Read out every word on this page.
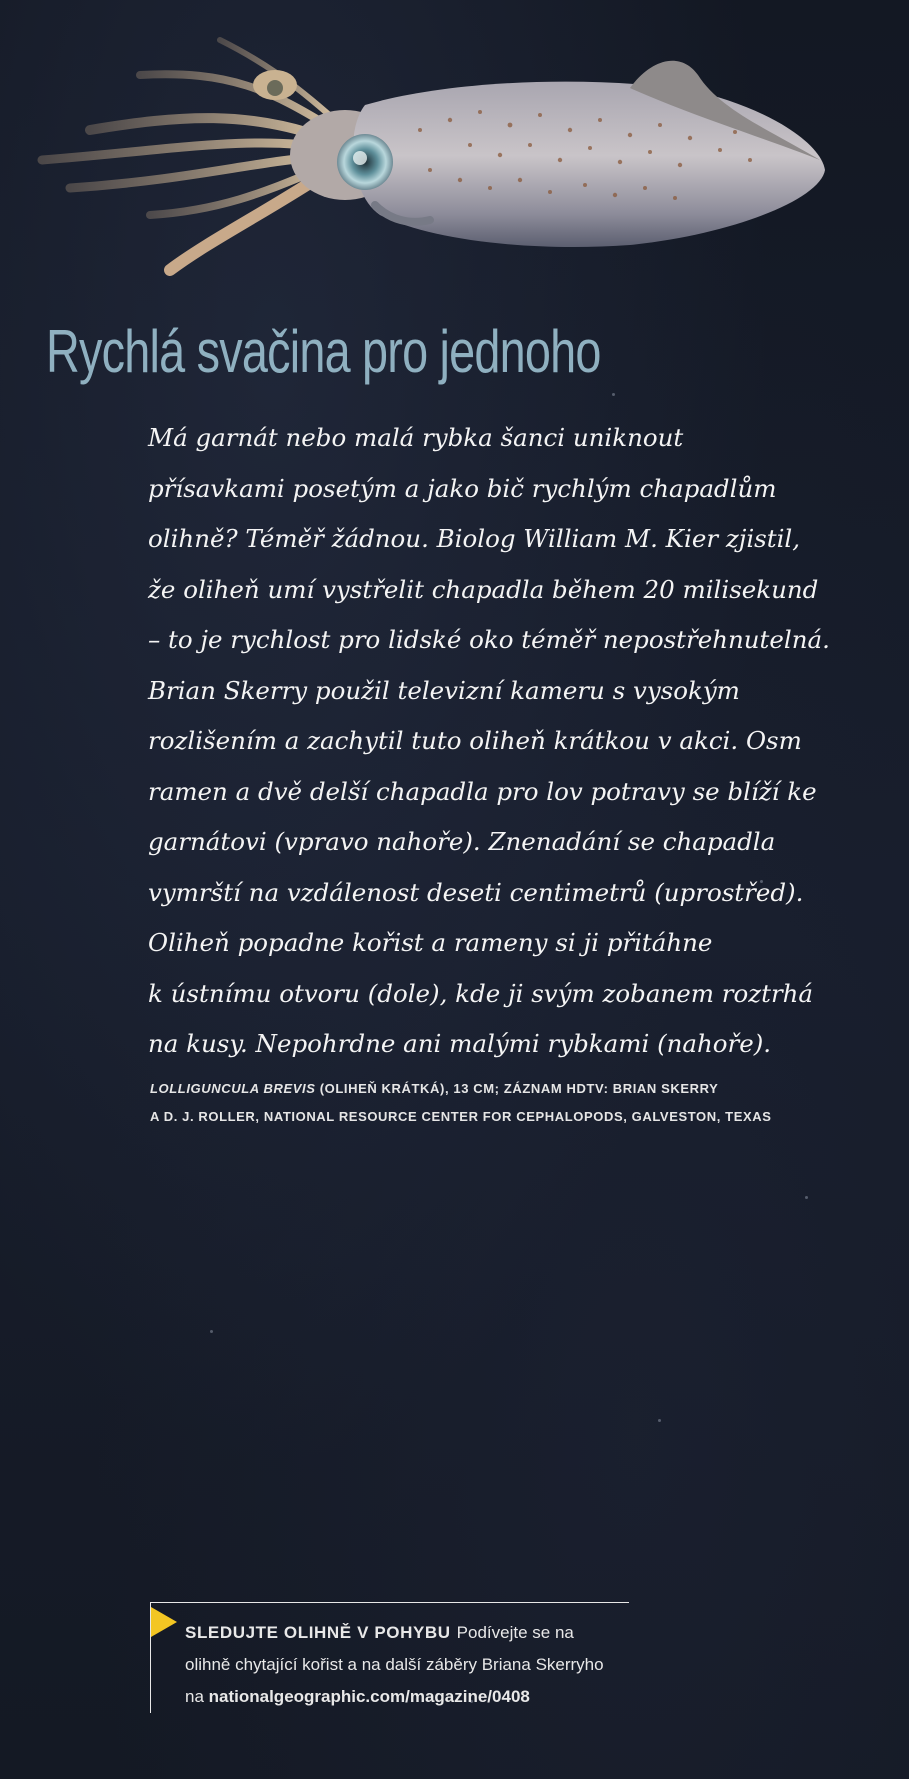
Rychlá svačina pro jednoho
Má garnát nebo malá rybka šanci uniknout
přísavkami posetým a jako bič rychlým chapadlům
olihně? Téměř žádnou. Biolog William M. Kier zjistil,
že oliheň umí vystřelit chapadla během 20 milisekund
– to je rychlost pro lidské oko téměř nepostřehnutelná.
Brian Skerry použil televizní kameru s vysokým
rozlišením a zachytil tuto oliheň krátkou v akci. Osm
ramen a dvě delší chapadla pro lov potravy se blíží ke
garnátovi (vpravo nahoře). Znenadání se chapadla
vymrští na vzdálenost deseti centimetrů (uprostřed).
Oliheň popadne kořist a rameny si ji přitáhne
k ústnímu otvoru (dole), kde ji svým zobanem roztrhá
na kusy. Nepohrdne ani malými rybkami (nahoře).
LOLLIGUNCULA BREVIS (OLIHEŇ KRÁTKÁ), 13 CM; ZÁZNAM HDTV: BRIAN SKERRY
A D. J. ROLLER, NATIONAL RESOURCE CENTER FOR CEPHALOPODS, GALVESTON, TEXAS
SLEDUJTE OLIHNĚ V POHYBU Podívejte se na
olihně chytající kořist a na další záběry Briana Skerryho
na nationalgeographic.com/magazine/0408
